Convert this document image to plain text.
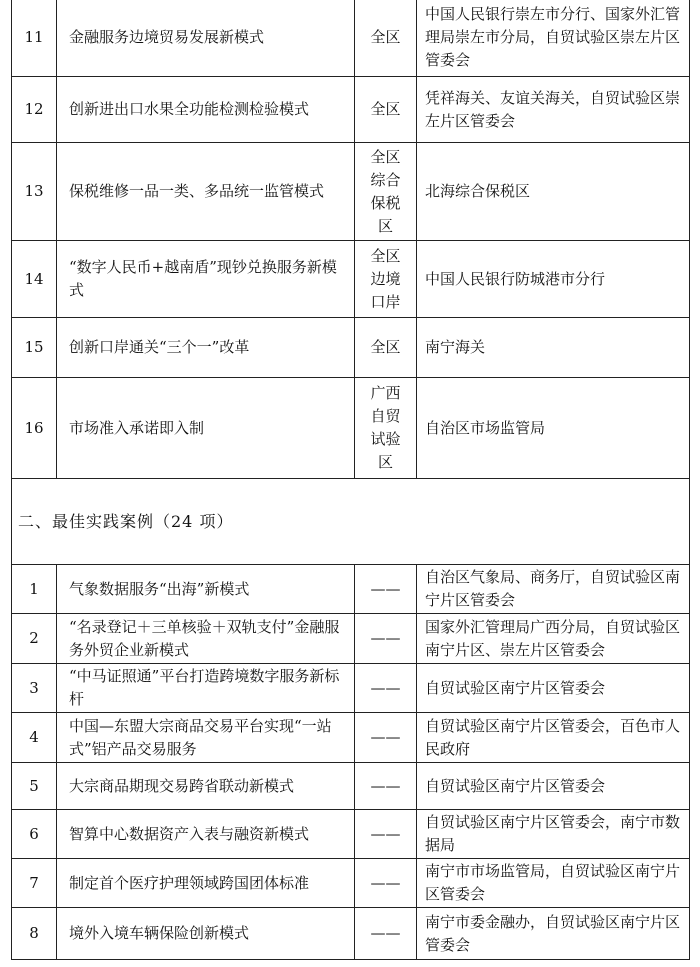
11	金融服务边境贸易发展新模式	全区	中国人民银行崇左市分行、国家外汇管理局崇左市分局，自贸试验区崇左片区管委会
12	创新进出口水果全功能检测检验模式	全区	凭祥海关、友谊关海关，自贸试验区崇左片区管委会
13	保税维修一品一类、多品统一监管模式	全区综合保税区	北海综合保税区
14	“数字人民币+越南盾”现钞兑换服务新模式	全区边境口岸	中国人民银行防城港市分行
15	创新口岸通关“三个一”改革	全区	南宁海关
16	市场准入承诺即入制	广西自贸试验区	自治区市场监管局
二、最佳实践案例（24 项）			
1	气象数据服务“出海”新模式	——	自治区气象局、商务厅，自贸试验区南宁片区管委会
2	“名录登记＋三单核验＋双轨支付”金融服务外贸企业新模式	——	国家外汇管理局广西分局，自贸试验区南宁片区、崇左片区管委会
3	“中马证照通”平台打造跨境数字服务新标杆	——	自贸试验区南宁片区管委会
4	中国—东盟大宗商品交易平台实现“一站式”铝产品交易服务	——	自贸试验区南宁片区管委会，百色市人民政府
5	大宗商品期现交易跨省联动新模式	——	自贸试验区南宁片区管委会
6	智算中心数据资产入表与融资新模式	——	自贸试验区南宁片区管委会，南宁市数据局
7	制定首个医疗护理领域跨国团体标准	——	南宁市市场监管局，自贸试验区南宁片区管委会
8	境外入境车辆保险创新模式	——	南宁市委金融办，自贸试验区南宁片区管委会
